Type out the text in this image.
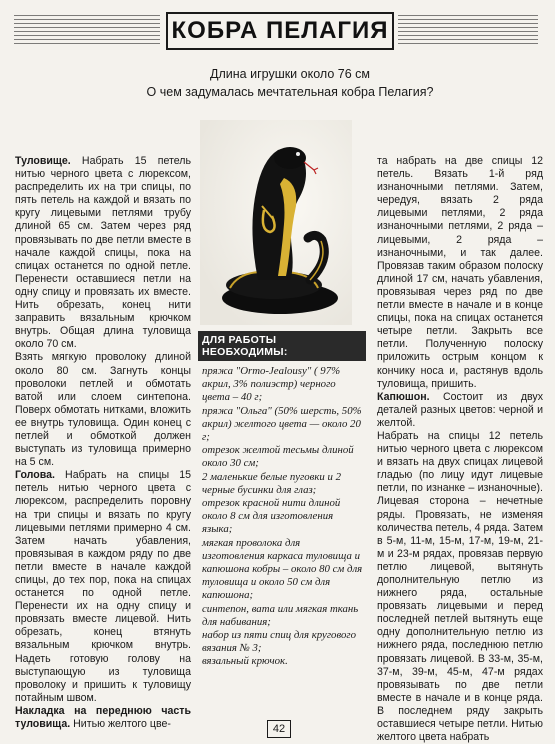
КОБРА ПЕЛАГИЯ
Длина игрушки около 76 см
О чем задумалась мечтательная кобра Пелагия?

Туловище. Набрать 15 петель нитью черного цвета с люрексом, распределить их на три спицы, по пять петель на каждой и вязать по кругу лицевыми петлями трубу длиной 65 см. Затем через ряд провязывать по две петли вместе в начале каждой спицы, пока на спицах останется по одной петле. Перенести оставшиеся петли на одну спицу и провязать их вместе. Нить обрезать, конец нити заправить вязальным крючком внутрь. Общая длина туловища около 70 см.

Взять мягкую проволоку длиной около 80 см. Загнуть концы проволоки петлей и обмотать ватой или слоем синтепона. Поверх обмотать нитками, вложить ее внутрь туловища. Один конец с петлей и обмоткой должен выступать из туловища примерно на 5 см.

Голова. Набрать на спицы 15 петель нитью черного цвета с люрексом, распределить поровну на три спицы и вязать по кругу лицевыми петлями примерно 4 см. Затем начать убавления, провязывая в каждом ряду по две петли вместе в начале каждой спицы, до тех пор, пока на спицах останется по одной петле. Перенести их на одну спицу и провязать вместе лицевой. Нить обрезать, конец втянуть вязальным крючком внутрь. Надеть готовую голову на выступающую из туловища проволоку и пришить к туловищу потайным швом.

Накладка на переднюю часть туловища. Нитью желтого цве-

ДЛЯ РАБОТЫ НЕОБХОДИМЫ:

пряжа "Ormo-Jealousy" ( 97% акрил, 3% полиэстр) черного цвета – 40 г;

пряжа "Ольга" (50% шерсть, 50% акрил) желтого цвета — около 20 г;

отрезок желтой тесьмы длиной около 30 см;

2 маленькие белые пуговки и 2 черные бусинки для глаз;

отрезок красной нити длиной около 8 см для изготовления языка;

мягкая проволока для изготовления каркаса туловища и капюшона кобры – около 80 см для туловища и около 50 см для капюшона;

синтепон, вата или мягкая ткань для набивания;

набор из пяти спиц для кругового вязания № 3;

вязальный крючок.

та набрать на две спицы 12 петель. Вязать 1-й ряд изнаночными петлями. Затем, чередуя, вязать 2 ряда лицевыми петлями, 2 ряда изнаночными петлями, 2 ряда – лицевыми, 2 ряда – изнаночными, и так далее. Провязав таким образом полоску длиной 17 см, начать убавления, провязывая через ряд по две петли вместе в начале и в конце спицы, пока на спицах останется четыре петли. Закрыть все петли. Полученную полоску приложить острым концом к кончику носа и, растянув вдоль туловища, пришить.

Капюшон. Состоит из двух деталей разных цветов: черной и желтой.

Набрать на спицы 12 петель нитью черного цвета с люрексом и вязать на двух спицах лицевой гладью (по лицу идут лицевые петли, по изнанке – изнаночные). Лицевая сторона – нечетные ряды. Провязать, не изменяя количества петель, 4 ряда. Затем в 5-м, 11-м, 15-м, 17-м, 19-м, 21-м и 23-м рядах, провязав первую петлю лицевой, вытянуть дополнительную петлю из нижнего ряда, остальные провязать лицевыми и перед последней петлей вытянуть еще одну дополнительную петлю из нижнего ряда, последнюю петлю провязать лицевой. В 33-м, 35-м, 37-м, 39-м, 45-м, 47-м рядах провязывать по две петли вместе в начале и в конце ряда. В последнем ряду закрыть оставшиеся четыре петли. Нитью желтого цвета набрать

42
